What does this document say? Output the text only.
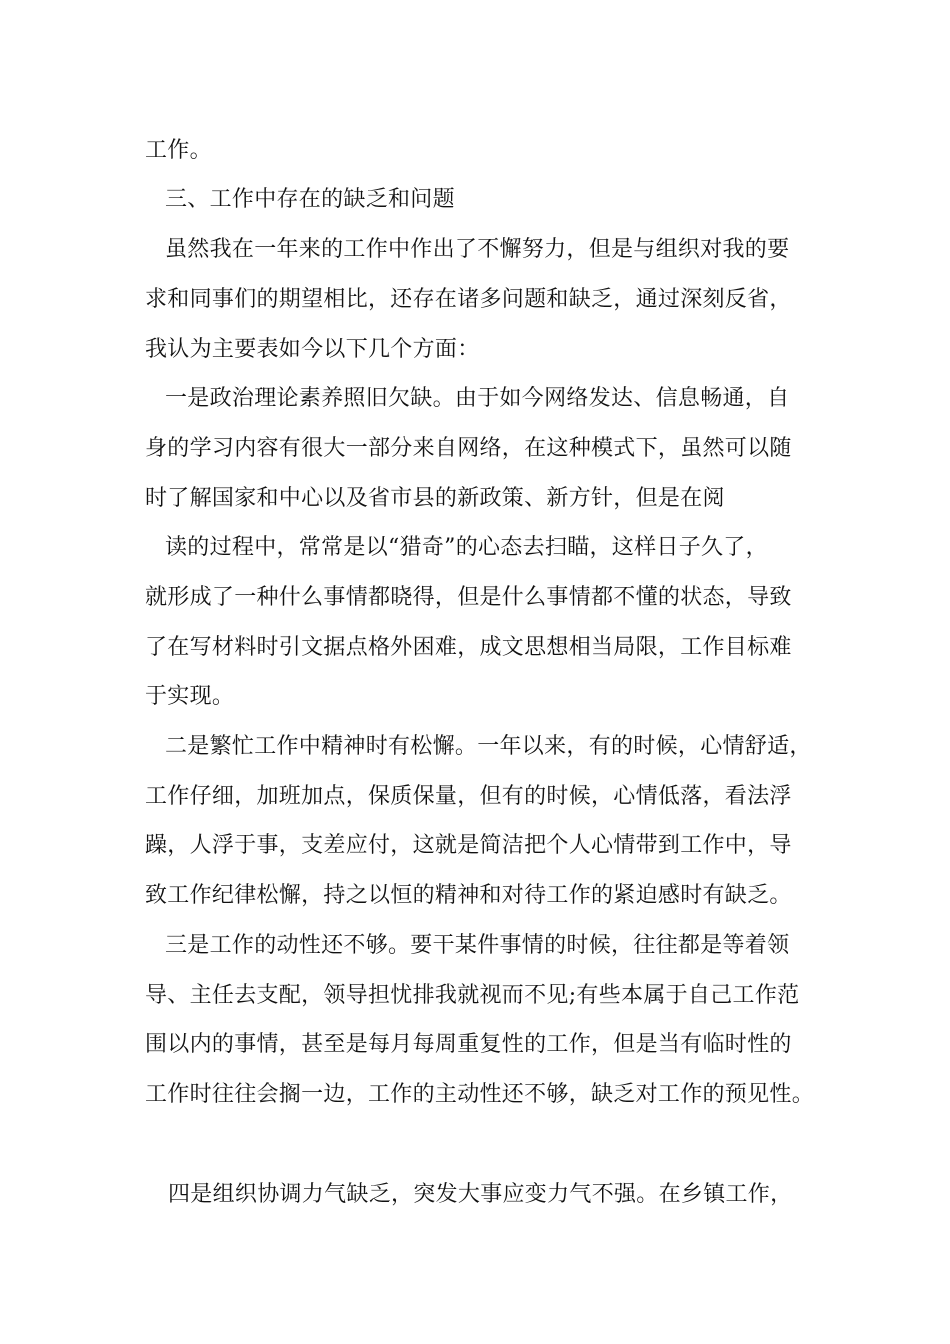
工作。
三、工作中存在的缺乏和问题
虽然我在一年来的工作中作出了不懈努力，但是与组织对我的要
求和同事们的期望相比，还存在诸多问题和缺乏，通过深刻反省，
我认为主要表如今以下几个方面：
一是政治理论素养照旧欠缺。由于如今网络发达、信息畅通，自
身的学习内容有很大一部分来自网络，在这种模式下，虽然可以随
时了解国家和中心以及省市县的新政策、新方针，但是在阅
读的过程中，常常是以“猎奇”的心态去扫瞄，这样日子久了，
就形成了一种什么事情都晓得，但是什么事情都不懂的状态，导致
了在写材料时引文据点格外困难，成文思想相当局限，工作目标难
于实现。
二是繁忙工作中精神时有松懈。一年以来，有的时候，心情舒适，
工作仔细，加班加点，保质保量，但有的时候，心情低落，看法浮
躁，人浮于事，支差应付，这就是简洁把个人心情带到工作中，导
致工作纪律松懈，持之以恒的精神和对待工作的紧迫感时有缺乏。
三是工作的动性还不够。要干某件事情的时候，往往都是等着领
导、主任去支配，领导担忧排我就视而不见;有些本属于自己工作范
围以内的事情，甚至是每月每周重复性的工作，但是当有临时性的
工作时往往会搁一边，工作的主动性还不够，缺乏对工作的预见性。
四是组织协调力气缺乏，突发大事应变力气不强。在乡镇工作，
